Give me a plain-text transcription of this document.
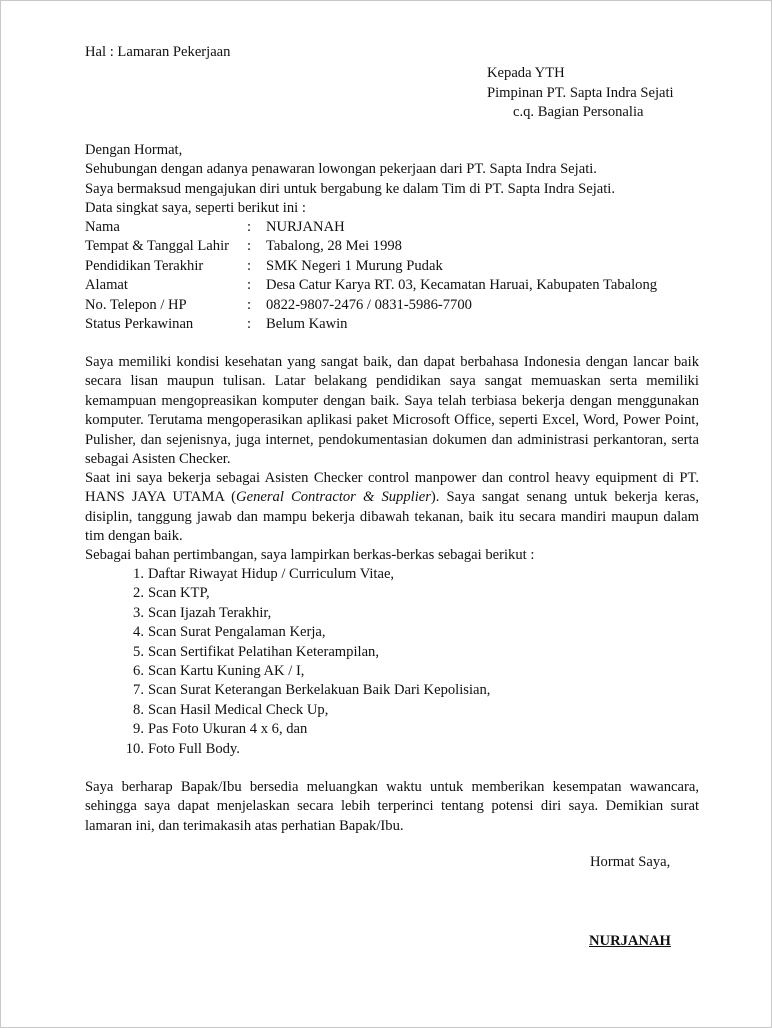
Hal : Lamaran Pekerjaan
Kepada YTH
Pimpinan PT. Sapta Indra Sejati
c.q. Bagian Personalia
Dengan Hormat,
Sehubungan dengan adanya penawaran lowongan pekerjaan dari PT. Sapta Indra Sejati.
Saya bermaksud mengajukan diri untuk bergabung ke dalam Tim di PT. Sapta Indra Sejati.
Data singkat saya, seperti berikut ini :
Nama	:	NURJANAH
Tempat & Tanggal Lahir	:	Tabalong, 28 Mei 1998
Pendidikan Terakhir	:	SMK Negeri 1 Murung Pudak
Alamat	:	Desa Catur Karya RT. 03, Kecamatan Haruai, Kabupaten Tabalong
No. Telepon / HP	:	0822-9807-2476 / 0831-5986-7700
Status Perkawinan	:	Belum Kawin
Saya memiliki kondisi kesehatan yang sangat baik, dan dapat berbahasa Indonesia dengan lancar baik secara lisan maupun tulisan. Latar belakang pendidikan saya sangat memuaskan serta memiliki kemampuan mengopreasikan komputer dengan baik. Saya telah terbiasa bekerja dengan menggunakan komputer. Terutama mengoperasikan aplikasi paket Microsoft Office, seperti Excel, Word, Power Point, Pulisher, dan sejenisnya, juga internet, pendokumentasian dokumen dan administrasi perkantoran, serta sebagai Asisten Checker.
Saat ini saya bekerja sebagai Asisten Checker control manpower dan control heavy equipment di PT. HANS JAYA UTAMA (General Contractor & Supplier). Saya sangat senang untuk bekerja keras, disiplin, tanggung jawab dan mampu bekerja dibawah tekanan, baik itu secara mandiri maupun dalam tim dengan baik.
Sebagai bahan pertimbangan, saya lampirkan berkas-berkas sebagai berikut :
1. Daftar Riwayat Hidup / Curriculum Vitae,
2. Scan KTP,
3. Scan Ijazah Terakhir,
4. Scan Surat Pengalaman Kerja,
5. Scan Sertifikat Pelatihan Keterampilan,
6. Scan Kartu Kuning AK / I,
7. Scan Surat Keterangan Berkelakuan Baik Dari Kepolisian,
8. Scan Hasil Medical Check Up,
9. Pas Foto Ukuran 4 x 6, dan
10. Foto Full Body.
Saya berharap Bapak/Ibu bersedia meluangkan waktu untuk memberikan kesempatan wawancara, sehingga saya dapat menjelaskan secara lebih terperinci tentang potensi diri saya. Demikian surat lamaran ini, dan terimakasih atas perhatian Bapak/Ibu.
Hormat Saya,
NURJANAH
